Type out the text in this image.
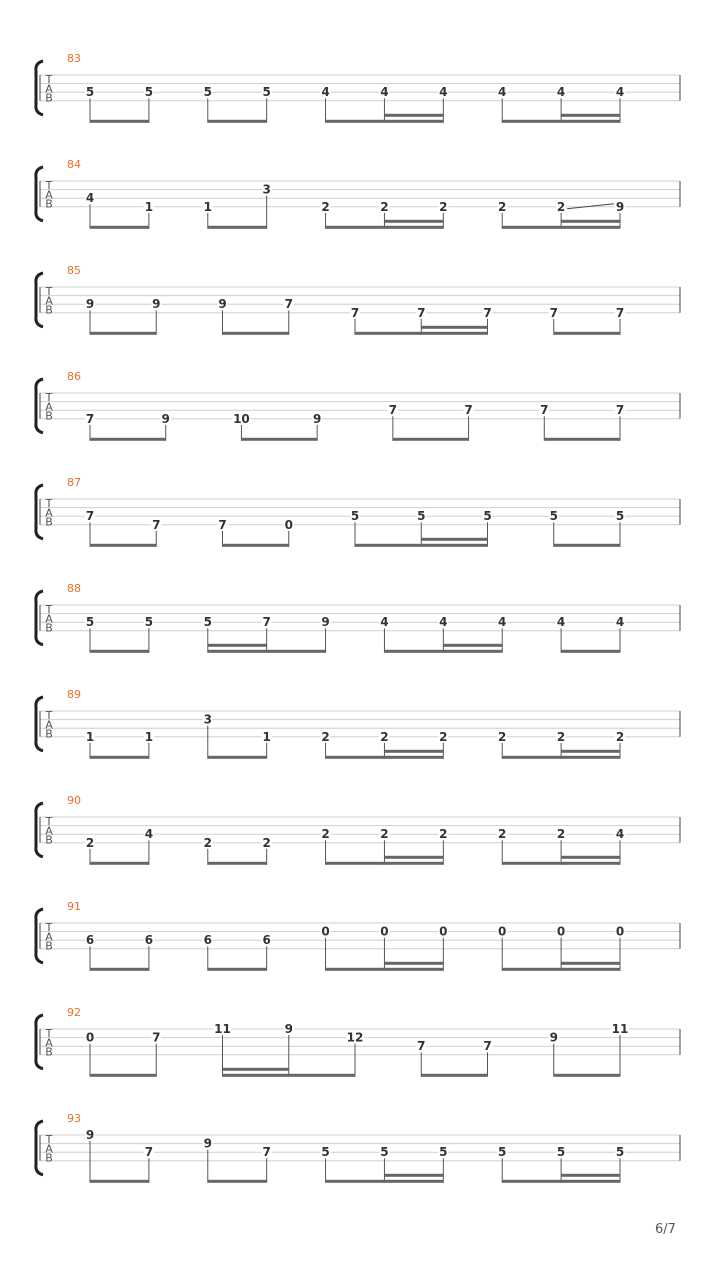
T
A
B
83
5	5	5	5	4	4	4	4	4	4
T
A
B
84
4
1	1
3
2	2	2	2	2	9
T
A
B
85
9	9	9	7
7	7	7	7	7
T
A
B
86
7	9	10	9
7	7	7	7
T
A
B
87
7
7	7	0
5	5	5	5	5
T
A
B
88
5	5	5	7	9	4	4	4	4	4
T
A
B
89
1	1
3
1	2	2	2	2	2	2
T
A
B
90
2
4
2	2
2	2	2	2	2	4
T
A
B
91
6	6	6	6
0	0	0	0	0	0
T
A
B
92
0	7
11	9
12
7	7
9
11
T
A
B
93
9
7
9
7	5	5	5	5	5	5
6/7
